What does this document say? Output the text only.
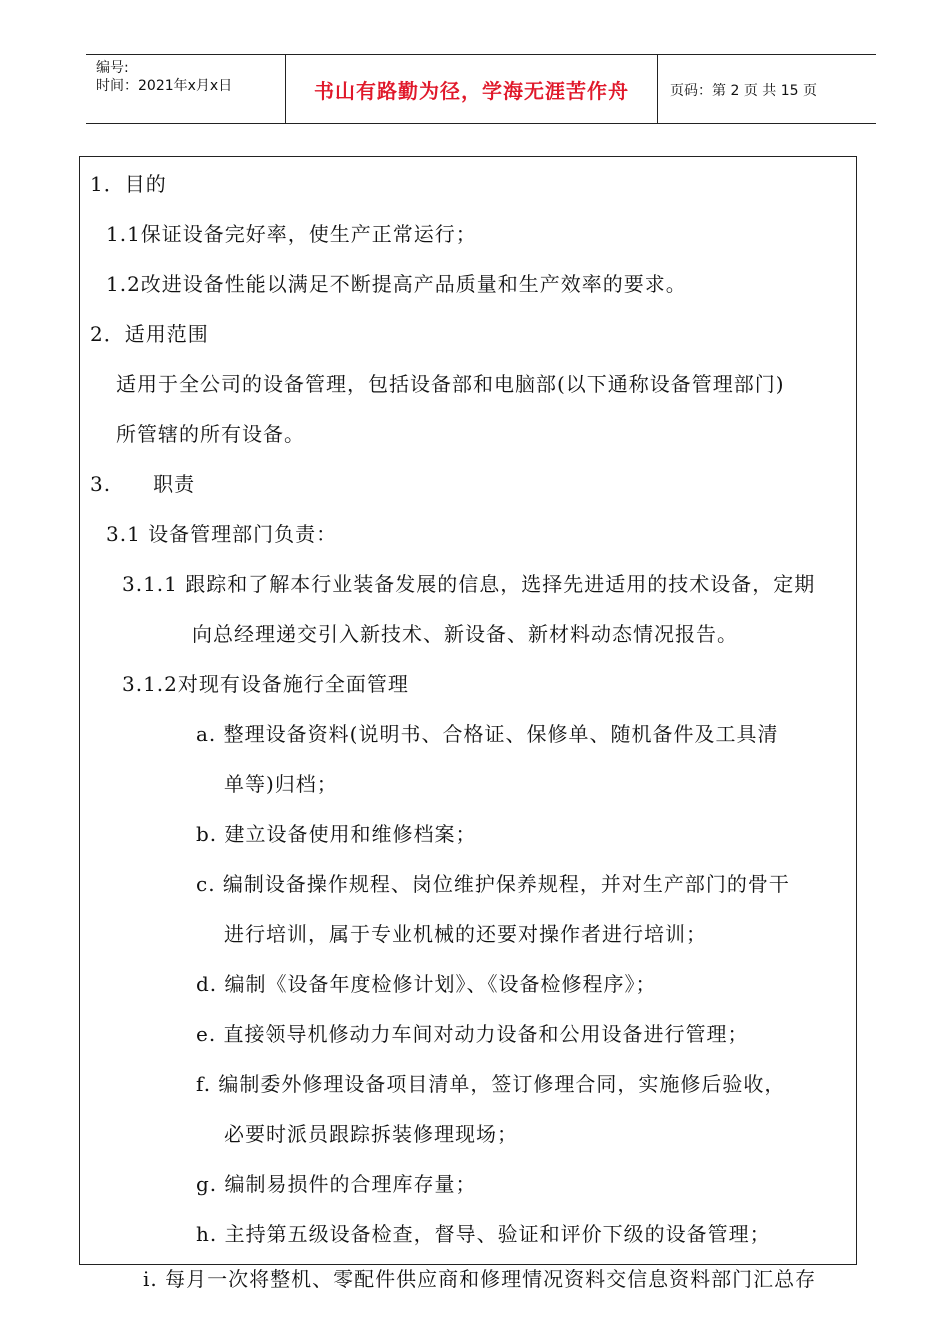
编号:
时间：2021年x月x日	书山有路勤为径，学海无涯苦作舟	页码：第 2 页 共 15 页
1．目的
1.1保证设备完好率，使生产正常运行；
1.2改进设备性能以满足不断提高产品质量和生产效率的要求。
2．适用范围
适用于全公司的设备管理，包括设备部和电脑部(以下通称设备管理部门)
所管辖的所有设备。
3.　　职责
3.1 设备管理部门负责：
3.1.1 跟踪和了解本行业装备发展的信息，选择先进适用的技术设备，定期
向总经理递交引入新技术、新设备、新材料动态情况报告。
3.1.2对现有设备施行全面管理
a. 整理设备资料(说明书、合格证、保修单、随机备件及工具清
单等)归档；
b. 建立设备使用和维修档案；
c. 编制设备操作规程、岗位维护保养规程，并对生产部门的骨干
进行培训，属于专业机械的还要对操作者进行培训；
d. 编制《设备年度检修计划》、《设备检修程序》；
e. 直接领导机修动力车间对动力设备和公用设备进行管理；
f. 编制委外修理设备项目清单，签订修理合同，实施修后验收，
必要时派员跟踪拆装修理现场；
g. 编制易损件的合理库存量；
h. 主持第五级设备检查，督导、验证和评价下级的设备管理；
i. 每月一次将整机、零配件供应商和修理情况资料交信息资料部门汇总存
